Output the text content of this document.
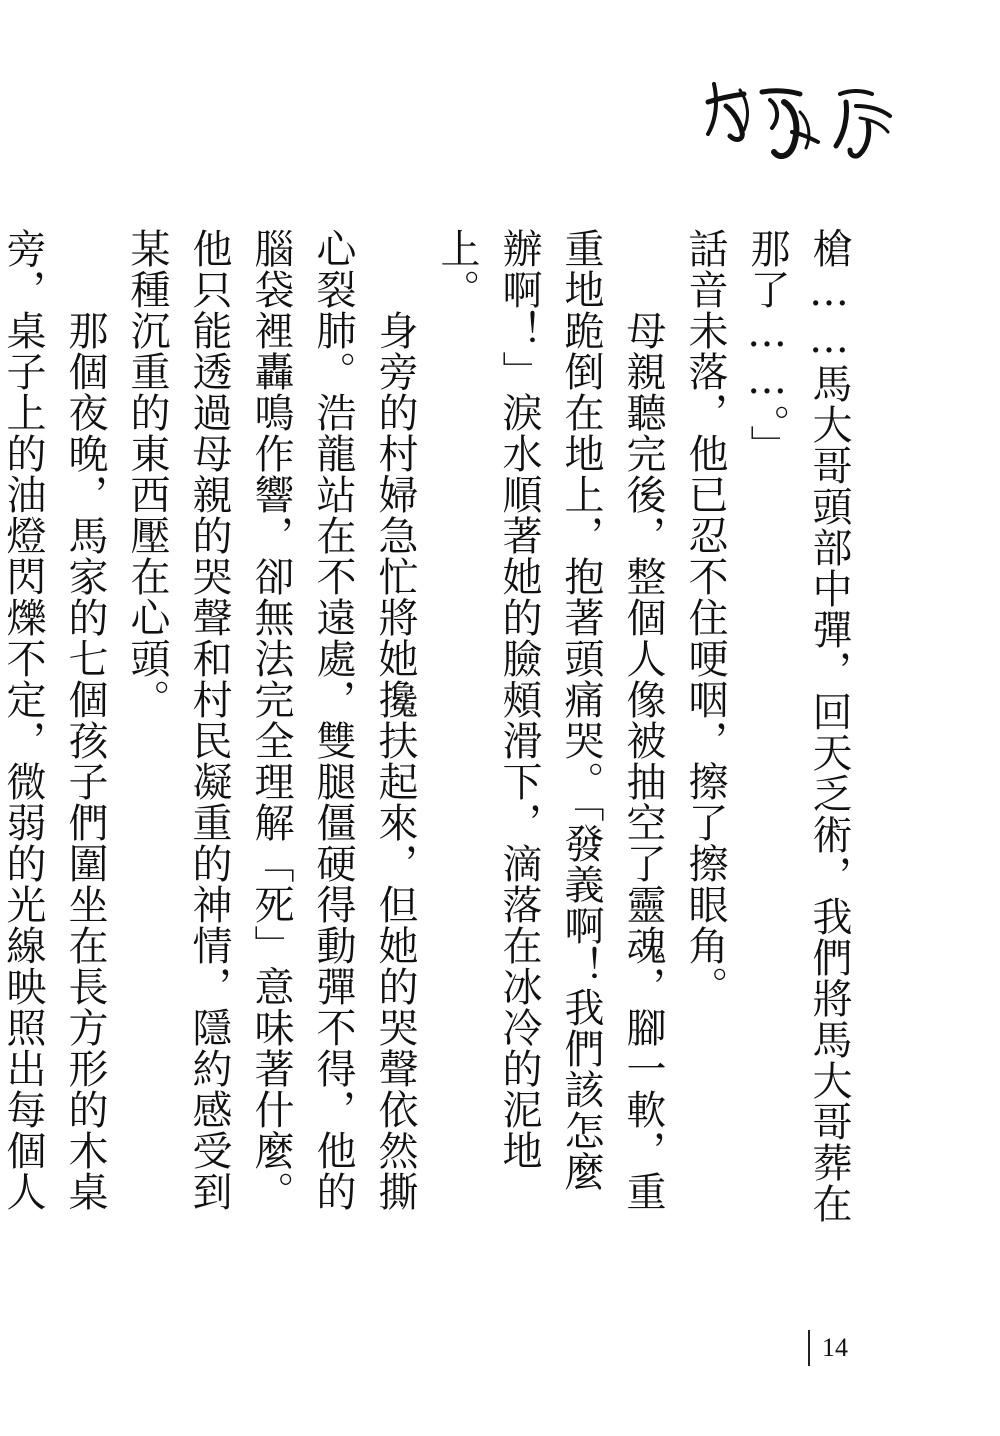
槍……馬大哥頭部中彈，回天乏術，我們將馬大哥葬在那了……。」

話音未落，他已忍不住哽咽，擦了擦眼角。

　　母親聽完後，整個人像被抽空了靈魂，腳一軟，重重地跪倒在地上，抱著頭痛哭。「發義啊！我們該怎麼辦啊！」淚水順著她的臉頰滑下，滴落在冰冷的泥地上。

　　身旁的村婦急忙將她攙扶起來，但她的哭聲依然撕心裂肺。浩龍站在不遠處，雙腿僵硬得動彈不得，他的腦袋裡轟鳴作響，卻無法完全理解「死」意味著什麼。他只能透過母親的哭聲和村民凝重的神情，隱約感受到某種沉重的東西壓在心頭。

　　那個夜晚，馬家的七個孩子們圍坐在長方形的木桌旁，桌子上的油燈閃爍不定，微弱的光線映照出每個人

14
